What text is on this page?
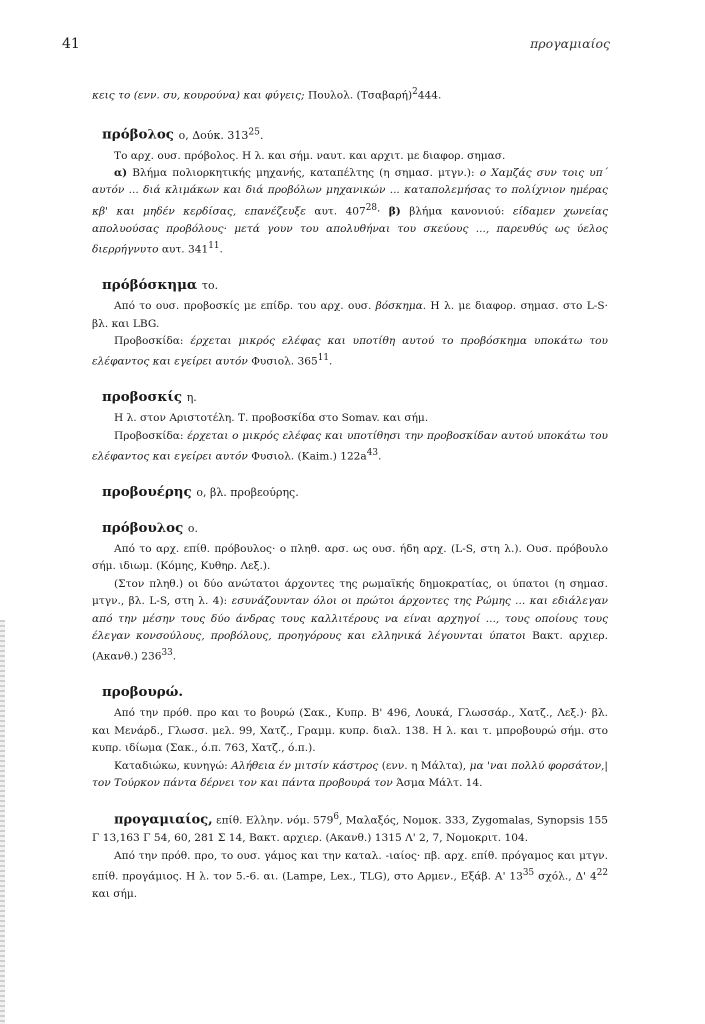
41	προγαμιαίος

κεις το (ενν. συ, κουρούνα) και φύγεις; Πουλολ. $(T\sigma\alpha\beta\alpha\rho ή)^2444$.

πρόβολος ο, Δούκ. $313^{25}$.

Το αρχ. ουσ. πρόβολος. Η λ. και σήμ. ναυτ. και αρχιτ. με διαφορ. σημασ.

α) Βλήμα πολιορκητικής μηχανής, καταπέλτης (η σημασ. μτγν.): ο Χαμζάς συν τοις υπ΄ αυτόν ... διά κλιμάκων και διά προβόλων μηχανικών ... καταπολεμήσας το πολίχνιον ημέρας κβ' και μηδέν κερδίσας, επανέζευξε αυτ. $407^{28}\cdot \beta$) βλήμα κανονιού: είδαμεν χωνείας απολυούσας προβόλους· μετά γουν του απολυθήναι του σκεύους ..., παρευθύς ως ύελος διερρήγνυτο αυτ. $341^{11}$.

πρόβόσκημα το.

Από το ουσ. προβοσκίς με επίδρ. του αρχ. ουσ. βόσκημα. Η λ. με διαφορ. σημασ. στο L-S· βλ. και LBG.

Προβοσκίδα: έρχεται μικρός ελέφας και υποτίθη αυτού το προβόσκημα υποκάτω του ελέφαντος και εγείρει αυτόν Φυσιολ. $365^{11}$.

προβοσκίς η.

Η λ. στον Αριστοτέλη. Τ. προβοσκίδα στο Somav. και σήμ.

Προβοσκίδα: έρχεται ο μικρός ελέφας και υποτίθησι την προβοσκίδαν αυτού υποκάτω του ελέφαντος και εγείρει αυτόν Φυσιολ. (Kaim.) $122a^{43}$.

προβουέρης ο, βλ. προβεούρης.
πρόβουλος ο.

Από το αρχ. επίθ. πρόβουλος· ο πληθ. αρσ. ως ουσ. ήδη αρχ. (L-S, στη λ.). Ουσ. πρόβουλο σήμ. ιδιωμ. (Κόμης, Κυθηρ. Λεξ.).

(Στον πληθ.) οι δύο ανώτατοι άρχοντες της ρωμαϊκής δημοκρατίας, οι ύπατοι (η σημασ. μτγν., βλ. L-S, στη λ. 4): εσυνάζουνταν όλοι οι πρώτοι άρχοντες της Ρώμης ... και εδιάλεγαν από την μέσην τους δύο άνδρας τους καλλιτέρους να είναι αρχηγοί ..., τους οποίους τους έλεγαν κονσούλους, προβόλους, προηγόρους και ελληνικά λέγουνται ύπατοι Βακτ. αρχιερ. (Ακανθ.) $236^{33}$.

προβουρώ.

Από την πρόθ. προ και το βουρώ (Σακ., Κυπρ. Β' 496, Λουκά, Γλωσσάρ., Χατζ., Λεξ.)· βλ. και Μενάρδ., Γλωσσ. μελ. 99, Χατζ., Γραμμ. κυπρ. διαλ. 138. Η λ. και τ. μπροβουρώ σήμ. στο κυπρ. ιδίωμα (Σακ., ό.π. 763, Χατζ., ό.π.).

Καταδιώκω, κυνηγώ: Αλήθεια έν μιτσίν κάστρος (ενν. η Μάλτα), μα 'ναι πολλύ φορσάτον,| τον Τούρκον πάντα δέρνει τον και πάντα προβουρά τον Άσμα Μάλτ. 14.

προγαμιαίος, επίθ. Ελλην. νόμ. $579^6$, Μαλαξός, Νομοκ. 333, Zygomalas, Synopsis 155 Γ 13,163 Γ 54, 60, 281 Σ 14, Βακτ. αρχιερ. (Ακανθ.) 1315 Λ' 2, 7, Νομοκριτ. 104.

Από την πρόθ. προ, το ουσ. γάμος και την καταλ. -ιαίος· πβ. αρχ. επίθ. πρόγαμος και μτγν. επίθ. προγάμιος. Η λ. τον 5.-6. αι. (Lampe, Lex., TLG), στο Αρμεν., Εξάβ. Α' $13^{35}$ σχόλ., Δ' $4^{22}$ και σήμ.
